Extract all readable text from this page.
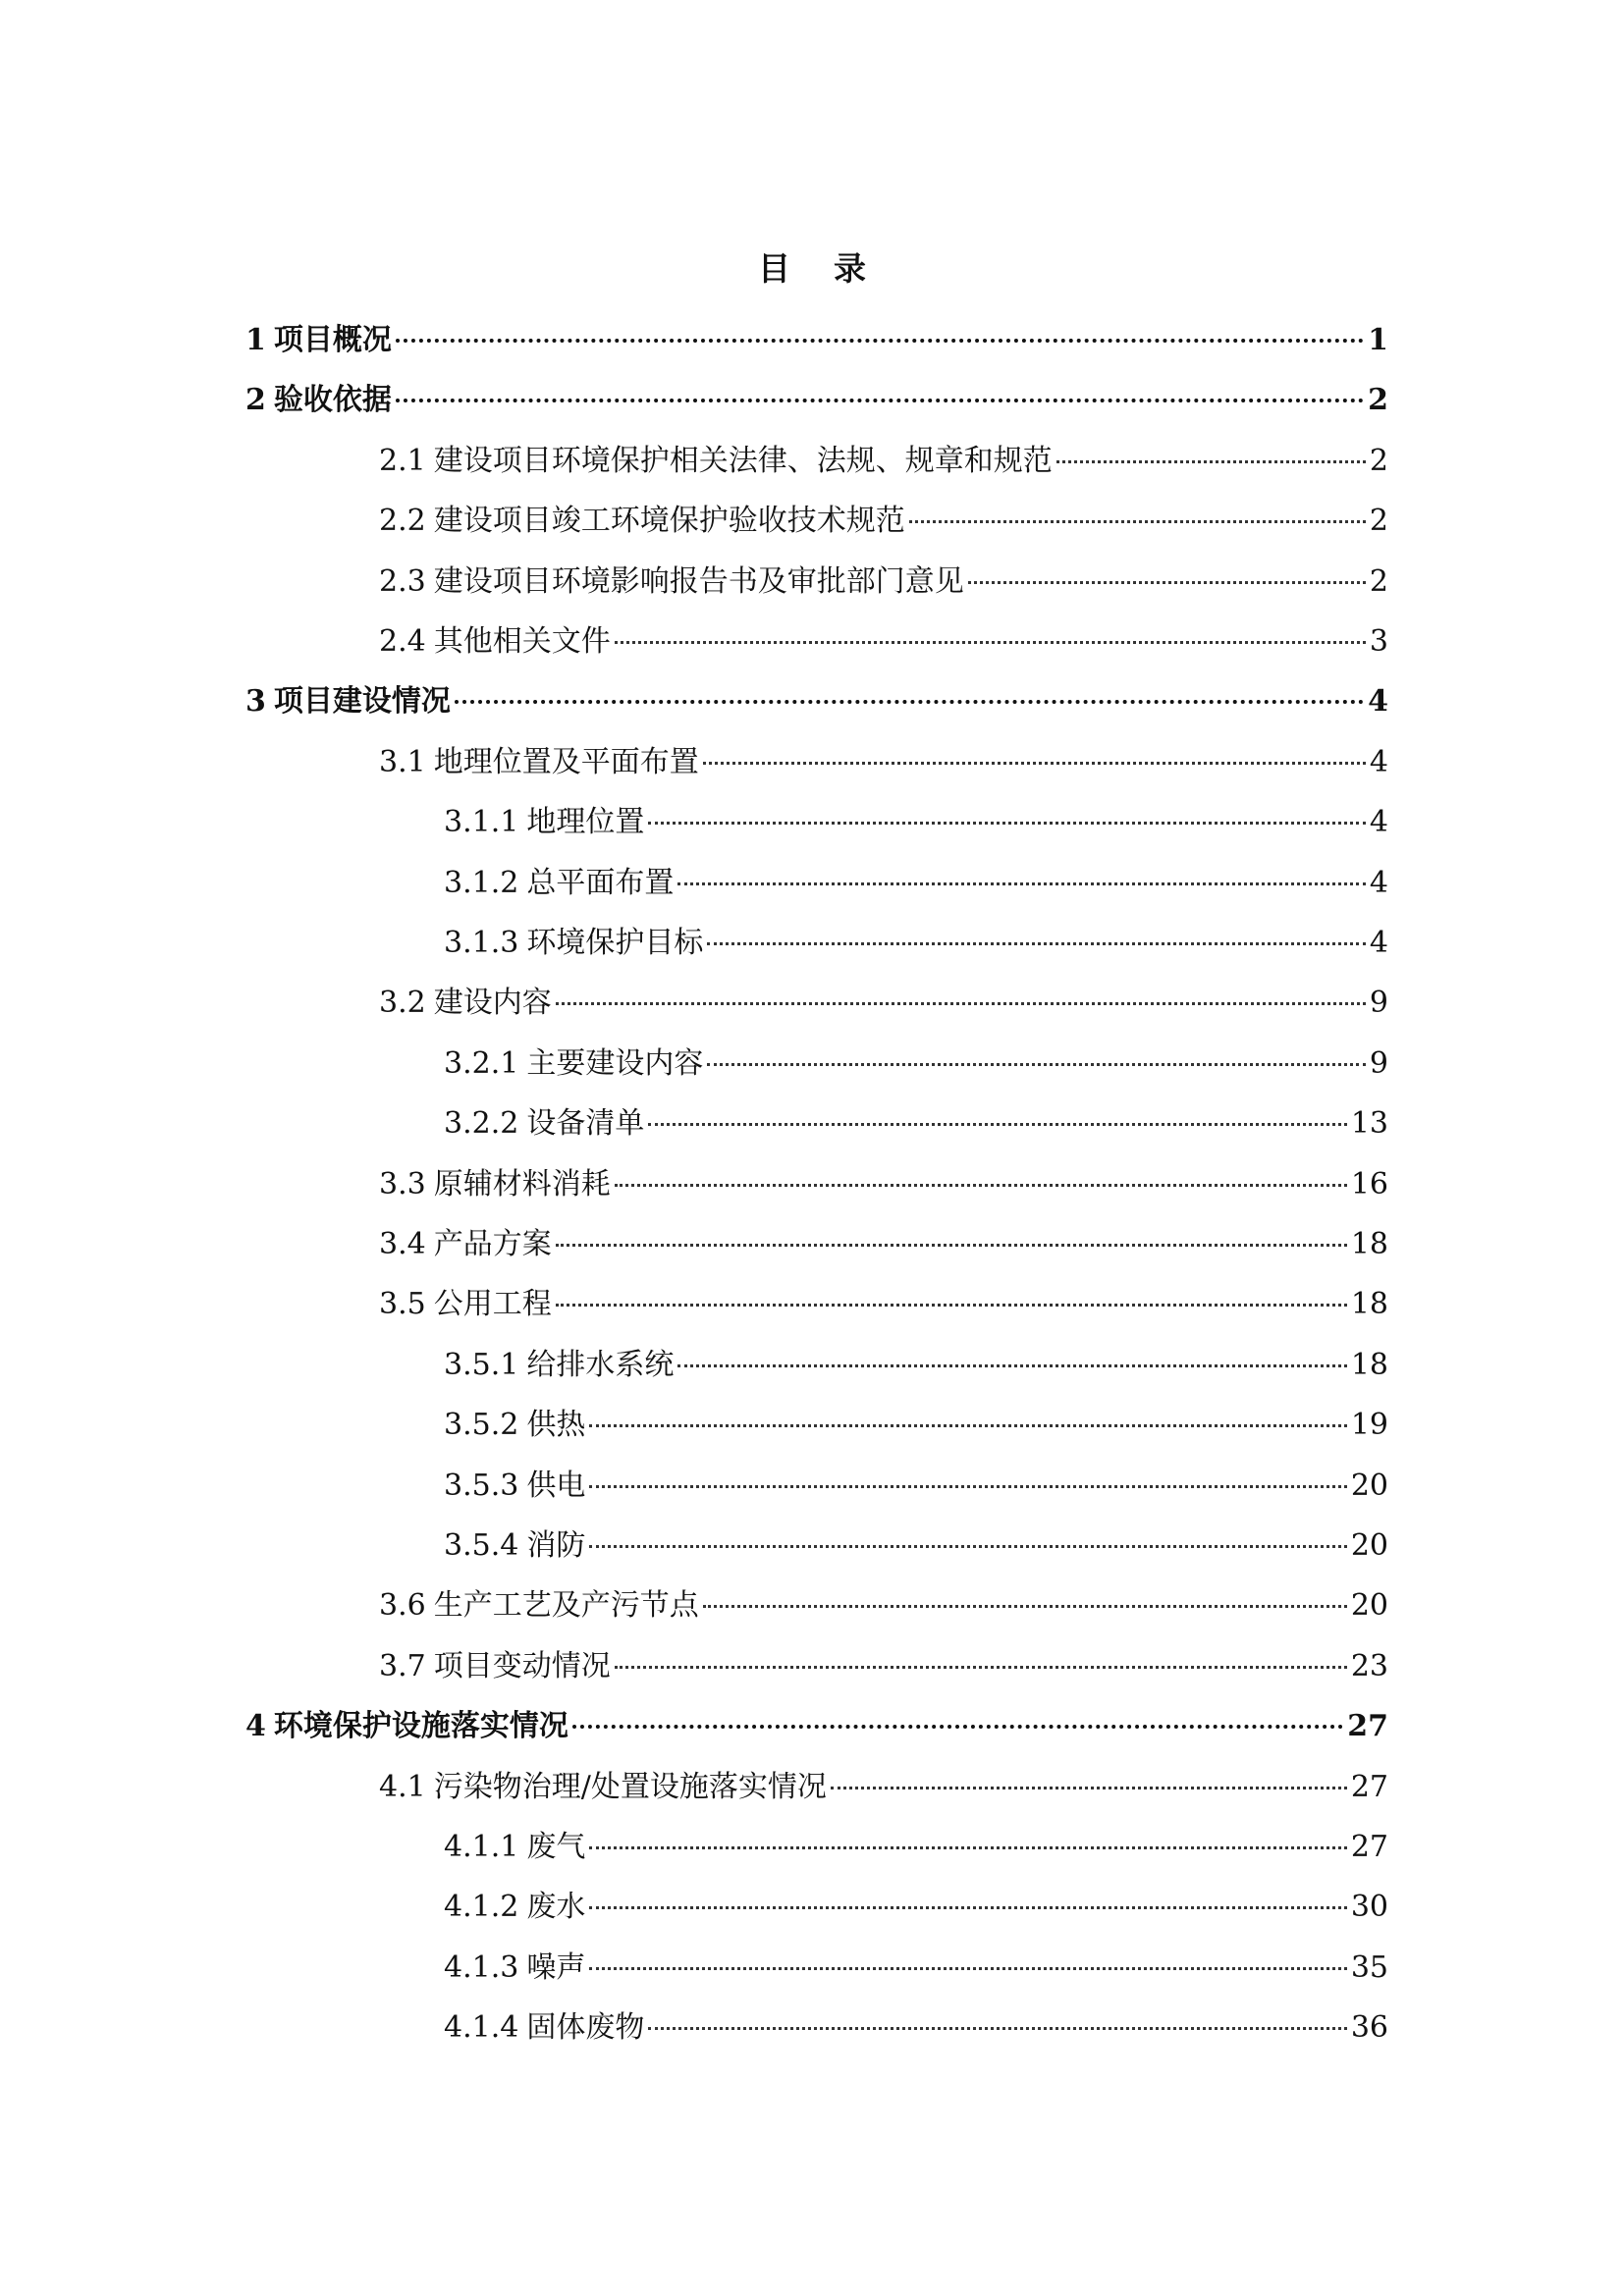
目 录
1 项目概况	1
2 验收依据	2
2.1 建设项目环境保护相关法律、法规、规章和规范	2
2.2 建设项目竣工环境保护验收技术规范	2
2.3 建设项目环境影响报告书及审批部门意见	2
2.4 其他相关文件	3
3 项目建设情况	4
3.1 地理位置及平面布置	4
3.1.1 地理位置	4
3.1.2 总平面布置	4
3.1.3 环境保护目标	4
3.2 建设内容	9
3.2.1 主要建设内容	9
3.2.2 设备清单	13
3.3 原辅材料消耗	16
3.4 产品方案	18
3.5 公用工程	18
3.5.1 给排水系统	18
3.5.2 供热	19
3.5.3 供电	20
3.5.4 消防	20
3.6 生产工艺及产污节点	20
3.7 项目变动情况	23
4 环境保护设施落实情况	27
4.1 污染物治理/处置设施落实情况	27
4.1.1 废气	27
4.1.2 废水	30
4.1.3 噪声	35
4.1.4 固体废物	36
